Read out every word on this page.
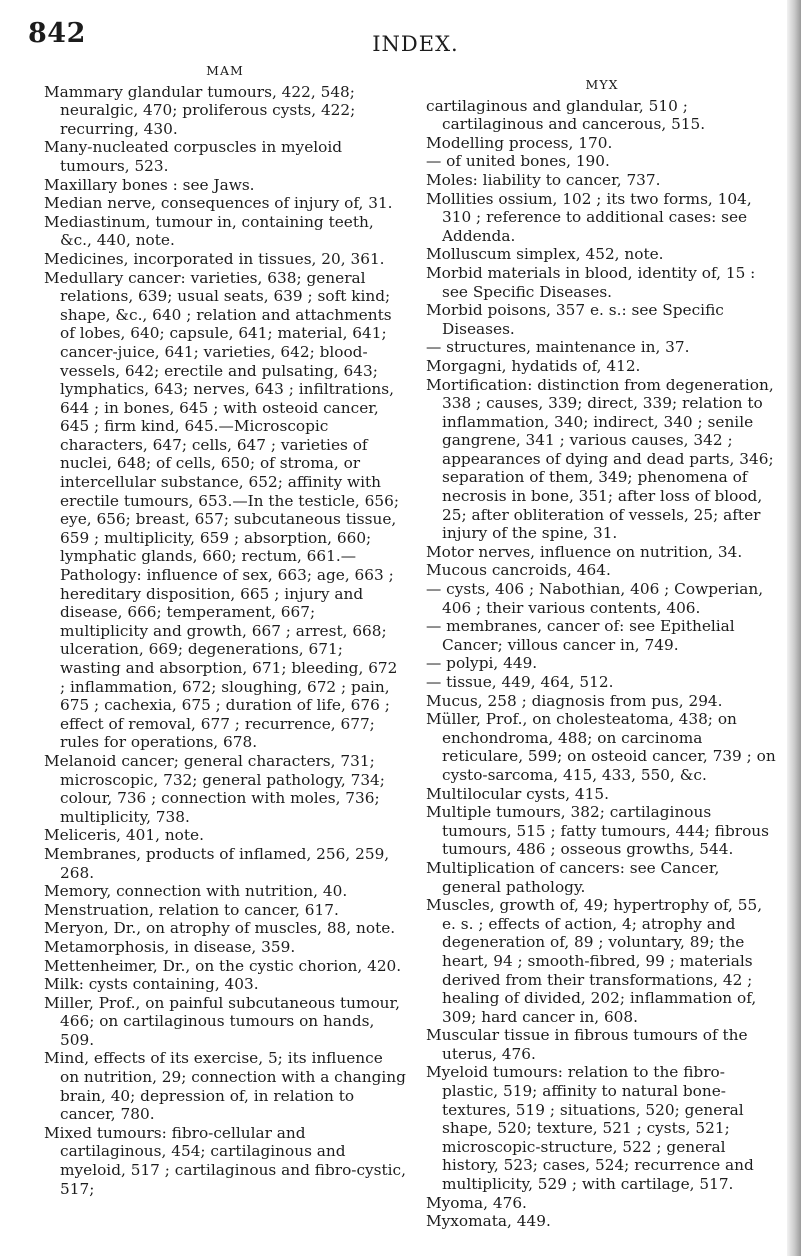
842	INDEX.
MAM

Mammary glandular tumours, 422, 548; neuralgic, 470; proliferous cysts, 422; recurring, 430.

Many-nucleated corpuscles in myeloid tumours, 523.

Maxillary bones : see Jaws.

Median nerve, consequences of injury of, 31.

Mediastinum, tumour in, containing teeth, &c., 440, note.

Medicines, incorporated in tissues, 20, 361.

Medullary cancer: varieties, 638; general relations, 639; usual seats, 639 ; soft kind; shape, &c., 640 ; relation and attachments of lobes, 640; capsule, 641; material, 641; cancer-juice, 641; varieties, 642; blood-vessels, 642; erectile and pulsating, 643; lymphatics, 643; nerves, 643 ; infiltrations, 644 ; in bones, 645 ; with osteoid cancer, 645 ; firm kind, 645.—Microscopic characters, 647; cells, 647 ; varieties of nuclei, 648; of cells, 650; of stroma, or intercellular substance, 652; affinity with erectile tumours, 653.—In the testicle, 656; eye, 656; breast, 657; subcutaneous tissue, 659 ; multiplicity, 659 ; absorption, 660; lymphatic glands, 660; rectum, 661.— Pathology: influence of sex, 663; age, 663 ; hereditary disposition, 665 ; injury and disease, 666; temperament, 667; multiplicity and growth, 667 ; arrest, 668; ulceration, 669; degenerations, 671; wasting and absorption, 671; bleeding, 672 ; inflammation, 672; sloughing, 672 ; pain, 675 ; cachexia, 675 ; duration of life, 676 ; effect of removal, 677 ; recurrence, 677; rules for operations, 678.

Melanoid cancer; general characters, 731; microscopic, 732; general pathology, 734; colour, 736 ; connection with moles, 736; multiplicity, 738.

Meliceris, 401, note.

Membranes, products of inflamed, 256, 259, 268.

Memory, connection with nutrition, 40.

Menstruation, relation to cancer, 617.

Meryon, Dr., on atrophy of muscles, 88, note.

Metamorphosis, in disease, 359.

Mettenheimer, Dr., on the cystic chorion, 420.

Milk: cysts containing, 403.

Miller, Prof., on painful subcutaneous tumour, 466; on cartilaginous tumours on hands, 509.

Mind, effects of its exercise, 5; its influence on nutrition, 29; connection with a changing brain, 40; depression of, in relation to cancer, 780.

Mixed tumours: fibro-cellular and cartilaginous, 454; cartilaginous and myeloid, 517 ; cartilaginous and fibro-cystic, 517;

MYX

cartilaginous and glandular, 510 ; cartilaginous and cancerous, 515.

Modelling process, 170.

— of united bones, 190.

Moles: liability to cancer, 737.

Mollities ossium, 102 ; its two forms, 104, 310 ; reference to additional cases: see Addenda.

Molluscum simplex, 452, note.

Morbid materials in blood, identity of, 15 : see Specific Diseases.

Morbid poisons, 357 e. s.: see Specific Diseases.

— structures, maintenance in, 37.

Morgagni, hydatids of, 412.

Mortification: distinction from degeneration, 338 ; causes, 339; direct, 339; relation to inflammation, 340; indirect, 340 ; senile gangrene, 341 ; various causes, 342 ; appearances of dying and dead parts, 346; separation of them, 349; phenomena of necrosis in bone, 351; after loss of blood, 25; after obliteration of vessels, 25; after injury of the spine, 31.

Motor nerves, influence on nutrition, 34.

Mucous cancroids, 464.

— cysts, 406 ; Nabothian, 406 ; Cowperian, 406 ; their various contents, 406.

— membranes, cancer of: see Epithelial Cancer; villous cancer in, 749.

— polypi, 449.

— tissue, 449, 464, 512.

Mucus, 258 ; diagnosis from pus, 294.

Müller, Prof., on cholesteatoma, 438; on enchondroma, 488; on carcinoma reticulare, 599; on osteoid cancer, 739 ; on cysto-sarcoma, 415, 433, 550, &c.

Multilocular cysts, 415.

Multiple tumours, 382; cartilaginous tumours, 515 ; fatty tumours, 444; fibrous tumours, 486 ; osseous growths, 544.

Multiplication of cancers: see Cancer, general pathology.

Muscles, growth of, 49; hypertrophy of, 55, e. s. ; effects of action, 4; atrophy and degeneration of, 89 ; voluntary, 89; the heart, 94 ; smooth-fibred, 99 ; materials derived from their transformations, 42 ; healing of divided, 202; inflammation of, 309; hard cancer in, 608.

Muscular tissue in fibrous tumours of the uterus, 476.

Myeloid tumours: relation to the fibro-plastic, 519; affinity to natural bone-textures, 519 ; situations, 520; general shape, 520; texture, 521 ; cysts, 521; microscopic-structure, 522 ; general history, 523; cases, 524; recurrence and multiplicity, 529 ; with cartilage, 517.

Myoma, 476.

Myxomata, 449.
